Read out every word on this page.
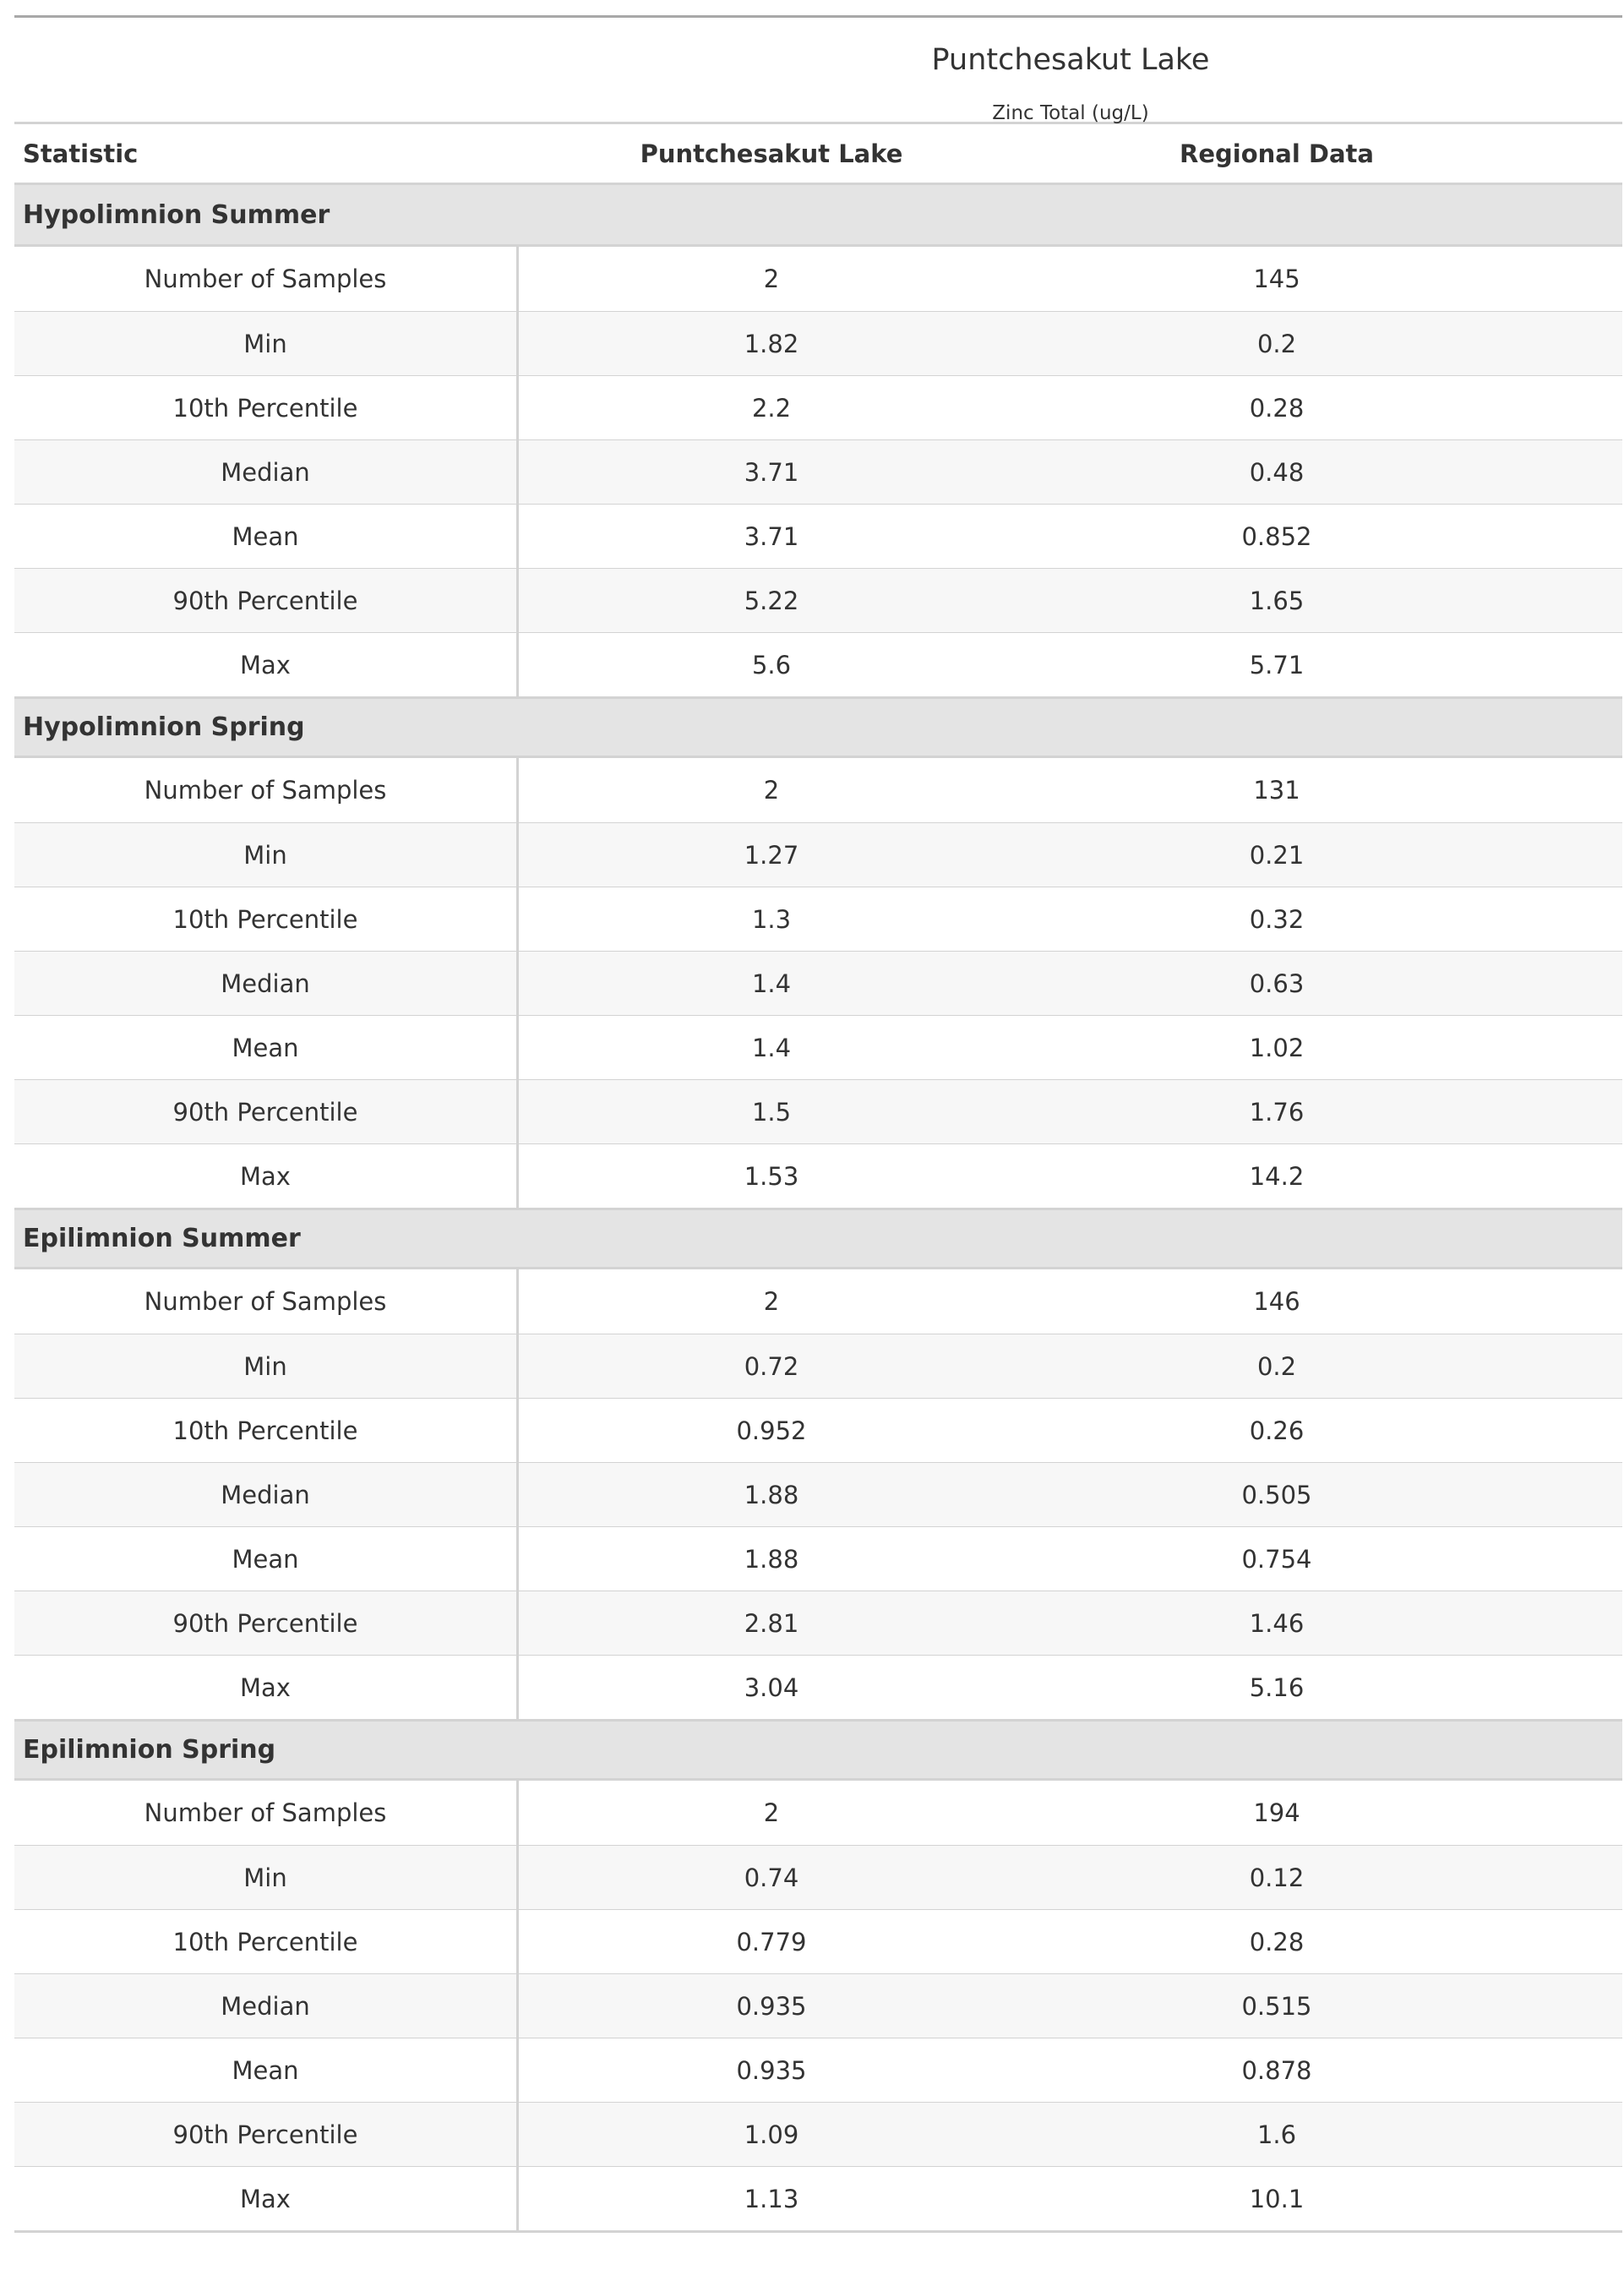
Puntchesakut Lake
Zinc Total (ug/L)
Statistic	Puntchesakut Lake	Regional Data
Hypolimnion Summer
Number of Samples	2	145
Min	1.82	0.2
10th Percentile	2.2	0.28
Median	3.71	0.48
Mean	3.71	0.852
90th Percentile	5.22	1.65
Max	5.6	5.71
Hypolimnion Spring
Number of Samples	2	131
Min	1.27	0.21
10th Percentile	1.3	0.32
Median	1.4	0.63
Mean	1.4	1.02
90th Percentile	1.5	1.76
Max	1.53	14.2
Epilimnion Summer
Number of Samples	2	146
Min	0.72	0.2
10th Percentile	0.952	0.26
Median	1.88	0.505
Mean	1.88	0.754
90th Percentile	2.81	1.46
Max	3.04	5.16
Epilimnion Spring
Number of Samples	2	194
Min	0.74	0.12
10th Percentile	0.779	0.28
Median	0.935	0.515
Mean	0.935	0.878
90th Percentile	1.09	1.6
Max	1.13	10.1
